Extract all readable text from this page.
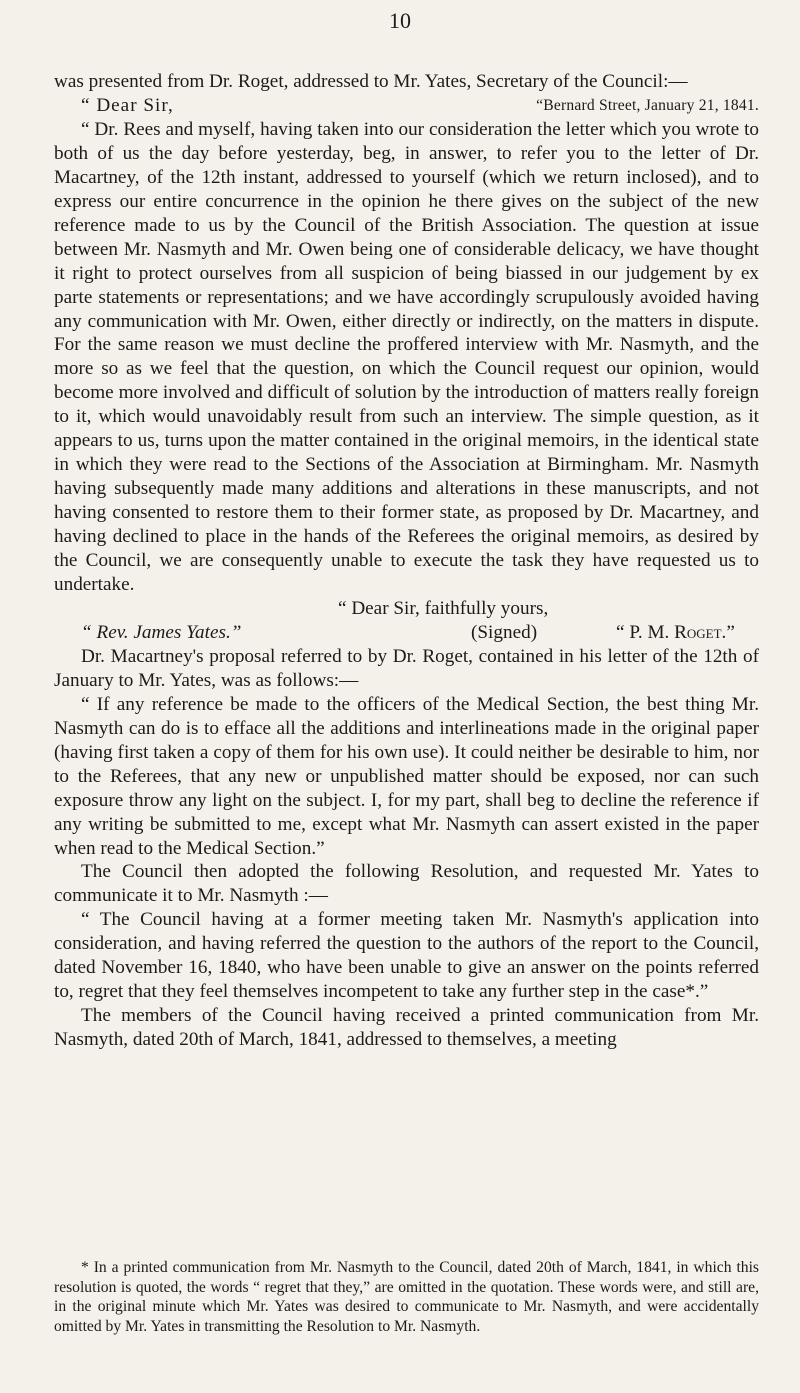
10

was presented from Dr. Roget, addressed to Mr. Yates, Secretary of the Council:—

“ Dear Sir,	“Bernard Street, January 21, 1841.

“ Dr. Rees and myself, having taken into our consideration the letter which you wrote to both of us the day before yesterday, beg, in answer, to refer you to the letter of Dr. Macartney, of the 12th instant, addressed to yourself (which we return inclosed), and to express our entire concurrence in the opinion he there gives on the subject of the new reference made to us by the Council of the British Association. The question at issue between Mr. Nasmyth and Mr. Owen being one of considerable delicacy, we have thought it right to protect ourselves from all suspicion of being biassed in our judgement by ex parte statements or representations; and we have accordingly scrupulously avoided having any communication with Mr. Owen, either directly or indirectly, on the matters in dispute. For the same reason we must decline the proffered interview with Mr. Nasmyth, and the more so as we feel that the question, on which the Council request our opinion, would become more involved and difficult of solution by the introduction of matters really foreign to it, which would unavoidably result from such an interview. The simple question, as it appears to us, turns upon the matter contained in the original memoirs, in the identical state in which they were read to the Sections of the Association at Birmingham. Mr. Nasmyth having subsequently made many additions and alterations in these manuscripts, and not having consented to restore them to their former state, as proposed by Dr. Macartney, and having declined to place in the hands of the Referees the original memoirs, as desired by the Council, we are consequently unable to execute the task they have requested us to undertake.

“ Dear Sir, faithfully yours,

“ Rev. James Yates.”	(Signed)	“ P. M. Roget.”

Dr. Macartney's proposal referred to by Dr. Roget, contained in his letter of the 12th of January to Mr. Yates, was as follows:—

“ If any reference be made to the officers of the Medical Section, the best thing Mr. Nasmyth can do is to efface all the additions and interlineations made in the original paper (having first taken a copy of them for his own use). It could neither be desirable to him, nor to the Referees, that any new or unpublished matter should be exposed, nor can such exposure throw any light on the subject. I, for my part, shall beg to decline the reference if any writing be submitted to me, except what Mr. Nasmyth can assert existed in the paper when read to the Medical Section.”

The Council then adopted the following Resolution, and requested Mr. Yates to communicate it to Mr. Nasmyth :—

“ The Council having at a former meeting taken Mr. Nasmyth's application into consideration, and having referred the question to the authors of the report to the Council, dated November 16, 1840, who have been unable to give an answer on the points referred to, regret that they feel themselves incompetent to take any further step in the case*.”

The members of the Council having received a printed communication from Mr. Nasmyth, dated 20th of March, 1841, addressed to themselves, a meeting

* In a printed communication from Mr. Nasmyth to the Council, dated 20th of March, 1841, in which this resolution is quoted, the words “ regret that they,” are omitted in the quotation. These words were, and still are, in the original minute which Mr. Yates was desired to communicate to Mr. Nasmyth, and were accidentally omitted by Mr. Yates in transmitting the Resolution to Mr. Nasmyth.
